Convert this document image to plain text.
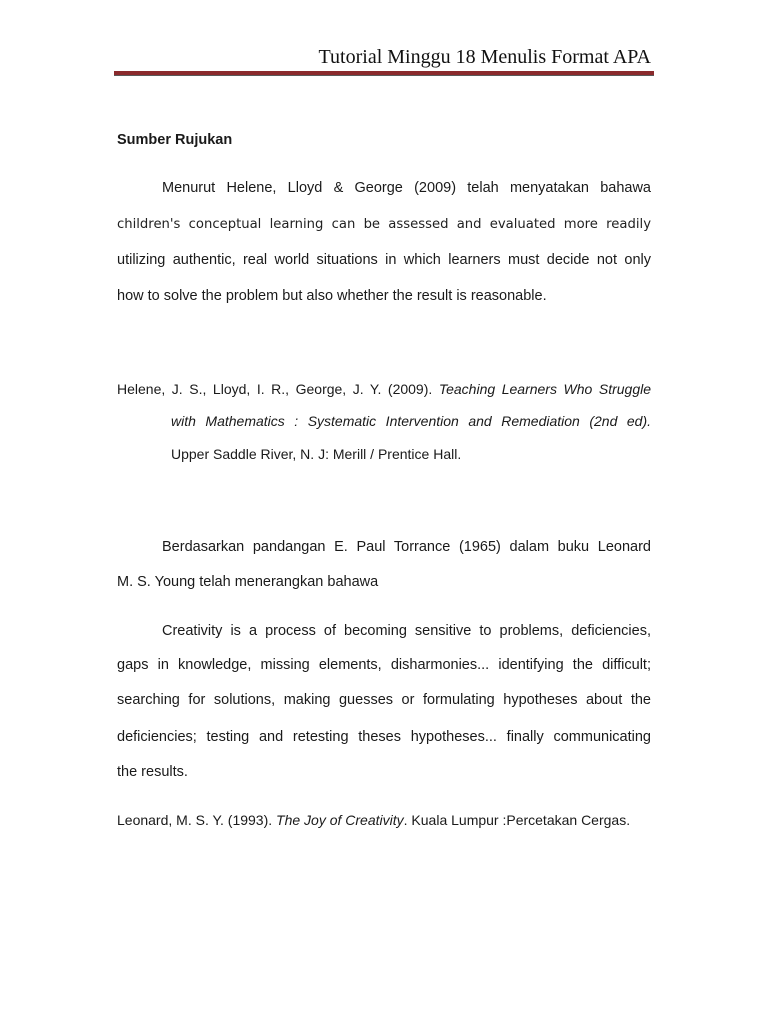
Tutorial Minggu 18 Menulis Format APA
Sumber Rujukan
Menurut Helene, Lloyd & George (2009) telah menyatakan bahawa
children's conceptual learning can be assessed and evaluated more readily
utilizing authentic, real world situations in which learners must decide not only
how to solve the problem but also whether the result is reasonable.
Helene, J. S., Lloyd, I. R., George, J. Y. (2009). Teaching Learners Who Struggle
with Mathematics : Systematic Intervention and Remediation (2nd ed).
Upper Saddle River, N. J: Merill / Prentice Hall.
Berdasarkan pandangan E. Paul Torrance (1965) dalam buku Leonard
M. S. Young telah menerangkan bahawa
Creativity is a process of becoming sensitive to problems, deficiencies,
gaps in knowledge, missing elements, disharmonies... identifying the difficult;
searching for solutions, making guesses or formulating hypotheses about the
deficiencies; testing and retesting theses hypotheses... finally communicating
the results.
Leonard, M. S. Y. (1993). The Joy of Creativity. Kuala Lumpur :Percetakan Cergas.
